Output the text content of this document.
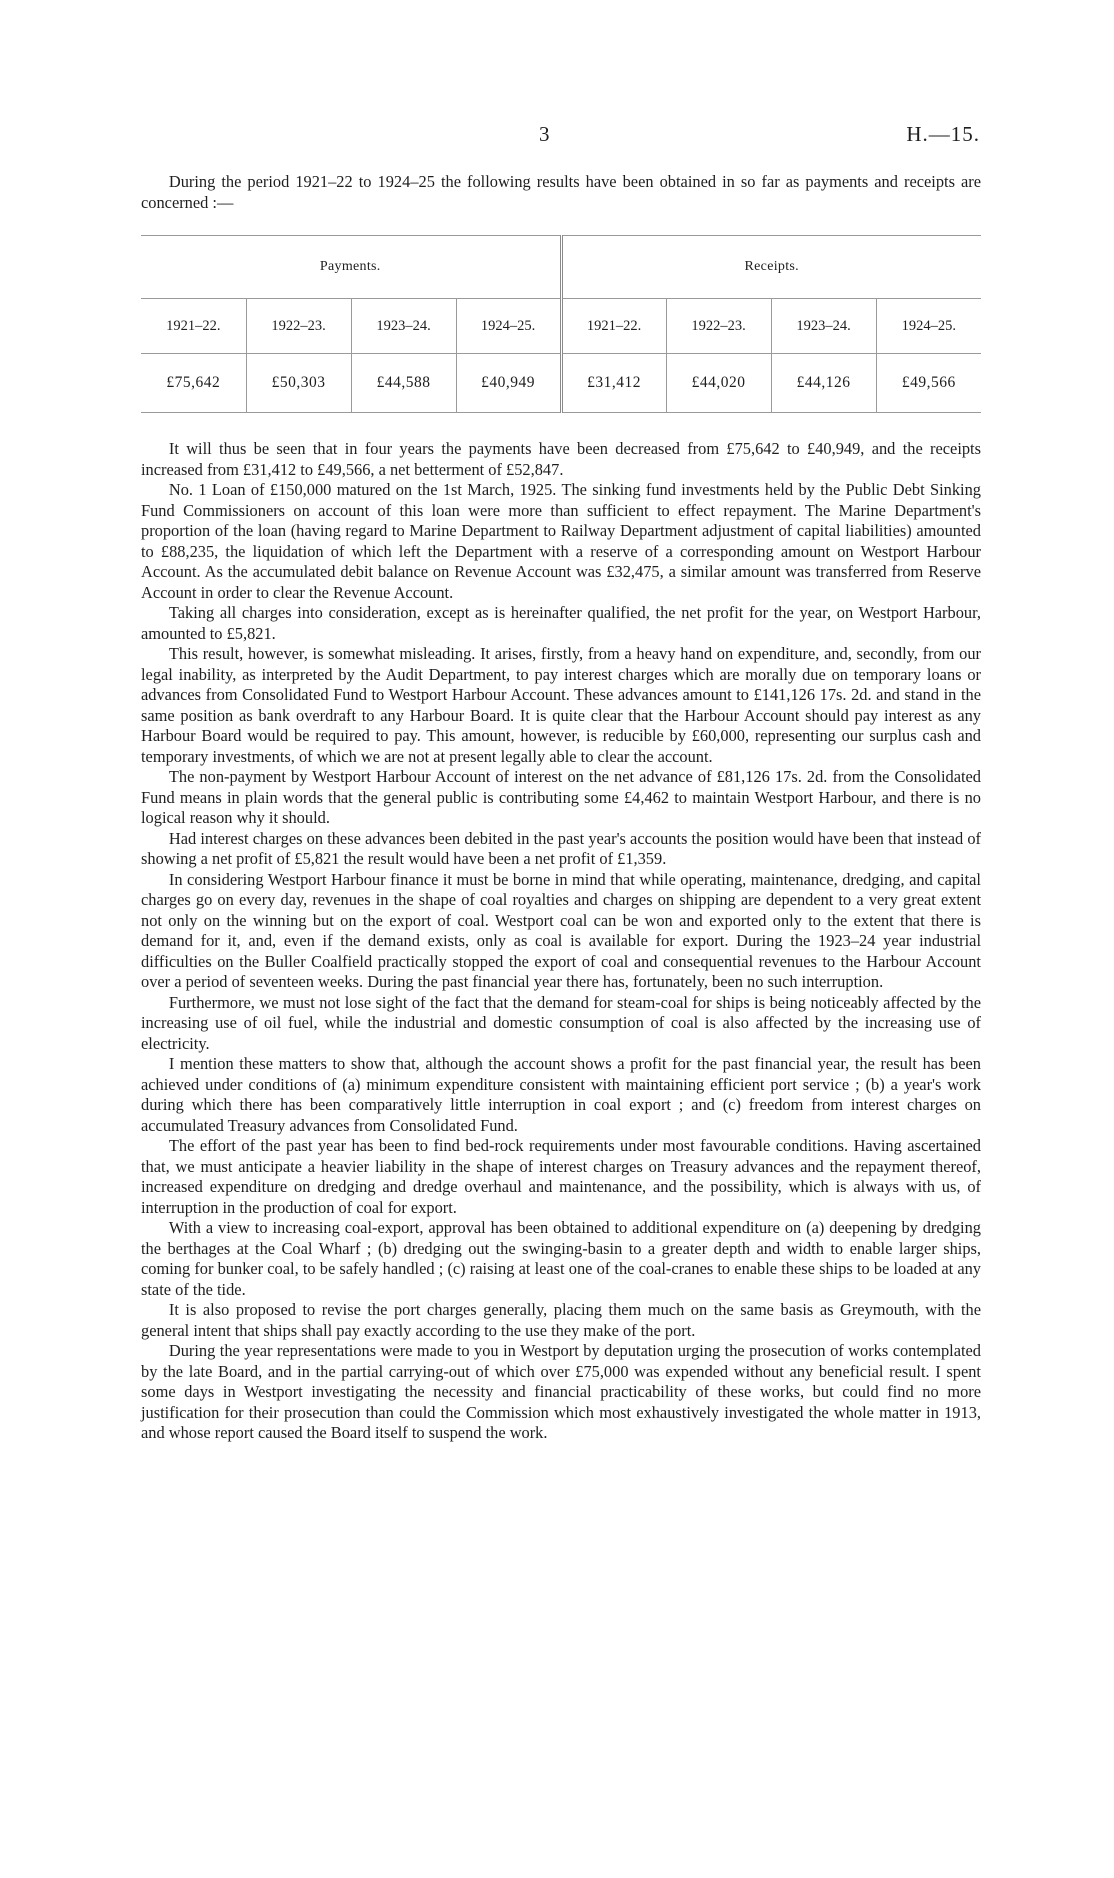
3	H.—15.

During the period 1921–22 to 1924–25 the following results have been obtained in so far as payments and receipts are concerned :—

Payments.				Receipts.			
1921–22.	1922–23.	1923–24.	1924–25.	1921–22.	1922–23.	1923–24.	1924–25.
£75,642	£50,303	£44,588	£40,949	£31,412	£44,020	£44,126	£49,566

It will thus be seen that in four years the payments have been decreased from £75,642 to £40,949, and the receipts increased from £31,412 to £49,566, a net betterment of £52,847.

No. 1 Loan of £150,000 matured on the 1st March, 1925. The sinking fund investments held by the Public Debt Sinking Fund Commissioners on account of this loan were more than sufficient to effect repayment. The Marine Department's proportion of the loan (having regard to Marine Department to Railway Department adjustment of capital liabilities) amounted to £88,235, the liquidation of which left the Department with a reserve of a corresponding amount on Westport Harbour Account. As the accumulated debit balance on Revenue Account was £32,475, a similar amount was transferred from Reserve Account in order to clear the Revenue Account.

Taking all charges into consideration, except as is hereinafter qualified, the net profit for the year, on Westport Harbour, amounted to £5,821.

This result, however, is somewhat misleading. It arises, firstly, from a heavy hand on expenditure, and, secondly, from our legal inability, as interpreted by the Audit Department, to pay interest charges which are morally due on temporary loans or advances from Consolidated Fund to Westport Harbour Account. These advances amount to £141,126 17s. 2d. and stand in the same position as bank overdraft to any Harbour Board. It is quite clear that the Harbour Account should pay interest as any Harbour Board would be required to pay. This amount, however, is reducible by £60,000, representing our surplus cash and temporary investments, of which we are not at present legally able to clear the account.

The non-payment by Westport Harbour Account of interest on the net advance of £81,126 17s. 2d. from the Consolidated Fund means in plain words that the general public is contributing some £4,462 to maintain Westport Harbour, and there is no logical reason why it should.

Had interest charges on these advances been debited in the past year's accounts the position would have been that instead of showing a net profit of £5,821 the result would have been a net profit of £1,359.

In considering Westport Harbour finance it must be borne in mind that while operating, maintenance, dredging, and capital charges go on every day, revenues in the shape of coal royalties and charges on shipping are dependent to a very great extent not only on the winning but on the export of coal. Westport coal can be won and exported only to the extent that there is demand for it, and, even if the demand exists, only as coal is available for export. During the 1923–24 year industrial difficulties on the Buller Coalfield practically stopped the export of coal and consequential revenues to the Harbour Account over a period of seventeen weeks. During the past financial year there has, fortunately, been no such interruption.

Furthermore, we must not lose sight of the fact that the demand for steam-coal for ships is being noticeably affected by the increasing use of oil fuel, while the industrial and domestic consumption of coal is also affected by the increasing use of electricity.

I mention these matters to show that, although the account shows a profit for the past financial year, the result has been achieved under conditions of (a) minimum expenditure consistent with maintaining efficient port service ; (b) a year's work during which there has been comparatively little interruption in coal export ; and (c) freedom from interest charges on accumulated Treasury advances from Consolidated Fund.

The effort of the past year has been to find bed-rock requirements under most favourable conditions. Having ascertained that, we must anticipate a heavier liability in the shape of interest charges on Treasury advances and the repayment thereof, increased expenditure on dredging and dredge overhaul and maintenance, and the possibility, which is always with us, of interruption in the production of coal for export.

With a view to increasing coal-export, approval has been obtained to additional expenditure on (a) deepening by dredging the berthages at the Coal Wharf ; (b) dredging out the swinging-basin to a greater depth and width to enable larger ships, coming for bunker coal, to be safely handled ; (c) raising at least one of the coal-cranes to enable these ships to be loaded at any state of the tide.

It is also proposed to revise the port charges generally, placing them much on the same basis as Greymouth, with the general intent that ships shall pay exactly according to the use they make of the port.

During the year representations were made to you in Westport by deputation urging the prosecution of works contemplated by the late Board, and in the partial carrying-out of which over £75,000 was expended without any beneficial result. I spent some days in Westport investigating the necessity and financial practicability of these works, but could find no more justification for their prosecution than could the Commission which most exhaustively investigated the whole matter in 1913, and whose report caused the Board itself to suspend the work.
